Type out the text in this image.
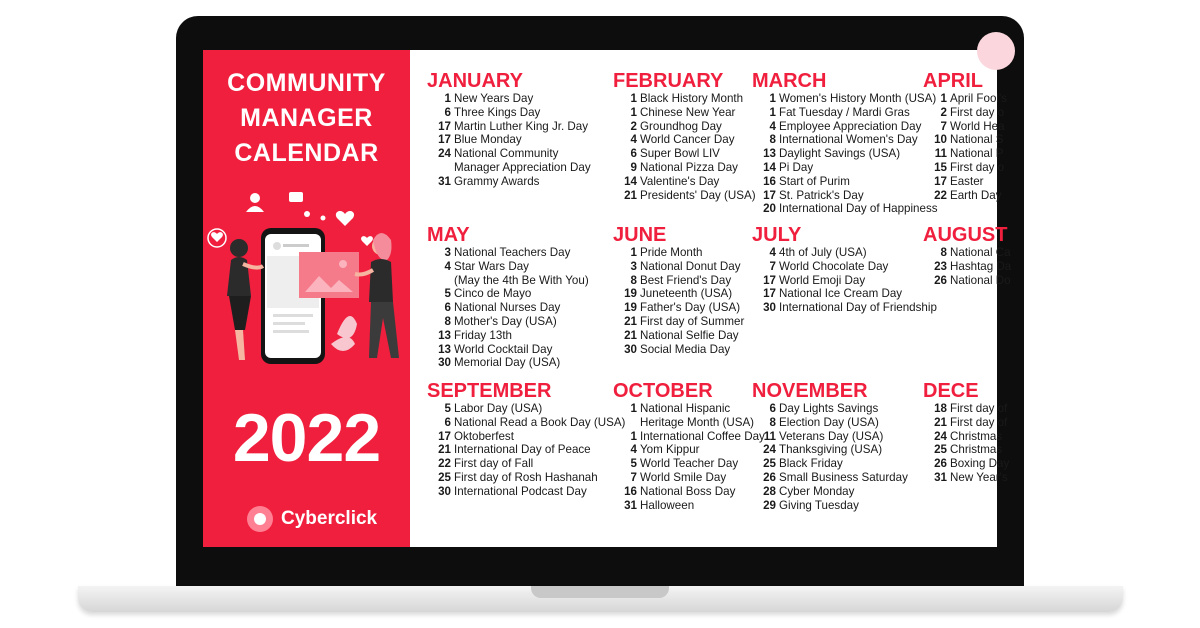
COMMUNITY
MANAGER
CALENDAR
2022
Cyberclick
JANUARY
1 New Years Day
6 Three Kings Day
17 Martin Luther King Jr. Day
17 Blue Monday
24 National Community
Manager Appreciation Day
31 Grammy Awards
FEBRUARY
1 Black History Month
1 Chinese New Year
2 Groundhog Day
4 World Cancer Day
6 Super Bowl LIV
9 National Pizza Day
14 Valentine's Day
21 Presidents' Day (USA)
MARCH
1 Women's History Month (USA)
1 Fat Tuesday / Mardi Gras
4 Employee Appreciation Day
8 International Women's Day
13 Daylight Savings (USA)
14 Pi Day
16 Start of Purim
17 St. Patrick's Day
20 International Day of Happiness
APRIL
1 April Fool's
2 First day o
7 World Hea
10 National S
11 National P
15 First day o
17 Easter
22 Earth Day
MAY
3 National Teachers Day
4 Star Wars Day
(May the 4th Be With You)
5 Cinco de Mayo
6 National Nurses Day
8 Mother's Day (USA)
13 Friday 13th
13 World Cocktail Day
30 Memorial Day (USA)
JUNE
1 Pride Month
3 National Donut Day
8 Best Friend's Day
19 Juneteenth (USA)
19 Father's Day (USA)
21 First day of Summer
21 National Selfie Day
30 Social Media Day
JULY
4 4th of July (USA)
7 World Chocolate Day
17 World Emoji Day
17 National Ice Cream Day
30 International Day of Friendship
AUGUST
8 National Ca
23 Hashtag Da
26 National Do
SEPTEMBER
5 Labor Day (USA)
6 National Read a Book Day (USA)
17 Oktoberfest
21 International Day of Peace
22 First day of Fall
25 First day of Rosh Hashanah
30 International Podcast Day
OCTOBER
1 National Hispanic
Heritage Month (USA)
1 International Coffee Day
4 Yom Kippur
5 World Teacher Day
7 World Smile Day
16 National Boss Day
31 Halloween
NOVEMBER
6 Day Lights Savings
8 Election Day (USA)
11 Veterans Day (USA)
24 Thanksgiving (USA)
25 Black Friday
26 Small Business Saturday
28 Cyber Monday
29 Giving Tuesday
DECE
18 First day of
21 First day of
24 Christmas
25 Christmas
26 Boxing Day
31 New Year's
